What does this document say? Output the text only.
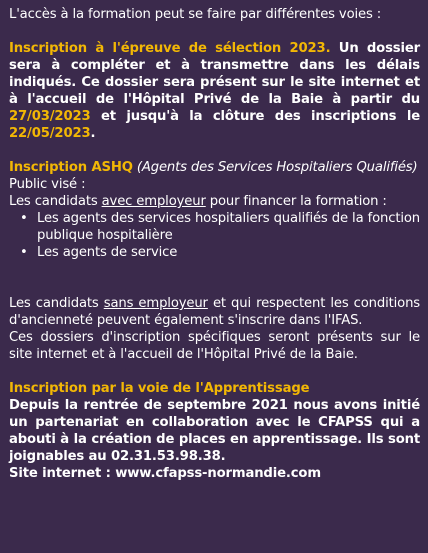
L'accès à la formation peut se faire par différentes voies :

Inscription à l'épreuve de sélection 2023. Un dossier sera à compléter et à transmettre dans les délais indiqués. Ce dossier sera présent sur le site internet et à l'accueil de l'Hôpital Privé de la Baie à partir du 27/03/2023 et jusqu'à la clôture des inscriptions le 22/05/2023.

Inscription ASHQ (Agents des Services Hospitaliers Qualifiés)

Public visé :

Les candidats avec employeur pour financer la formation :

• Les agents des services hospitaliers qualifiés de la fonction publique hospitalière
• Les agents de service

Les candidats sans employeur et qui respectent les conditions d'ancienneté peuvent également s'inscrire dans l'IFAS.

Ces dossiers d'inscription spécifiques seront présents sur le site internet et à l'accueil de l'Hôpital Privé de la Baie.

Inscription par la voie de l'Apprentissage

Depuis la rentrée de septembre 2021 nous avons initié un partenariat en collaboration avec le CFAPSS qui a abouti à la création de places en apprentissage. Ils sont joignables au 02.31.53.98.38.

Site internet : www.cfapss-normandie.com
